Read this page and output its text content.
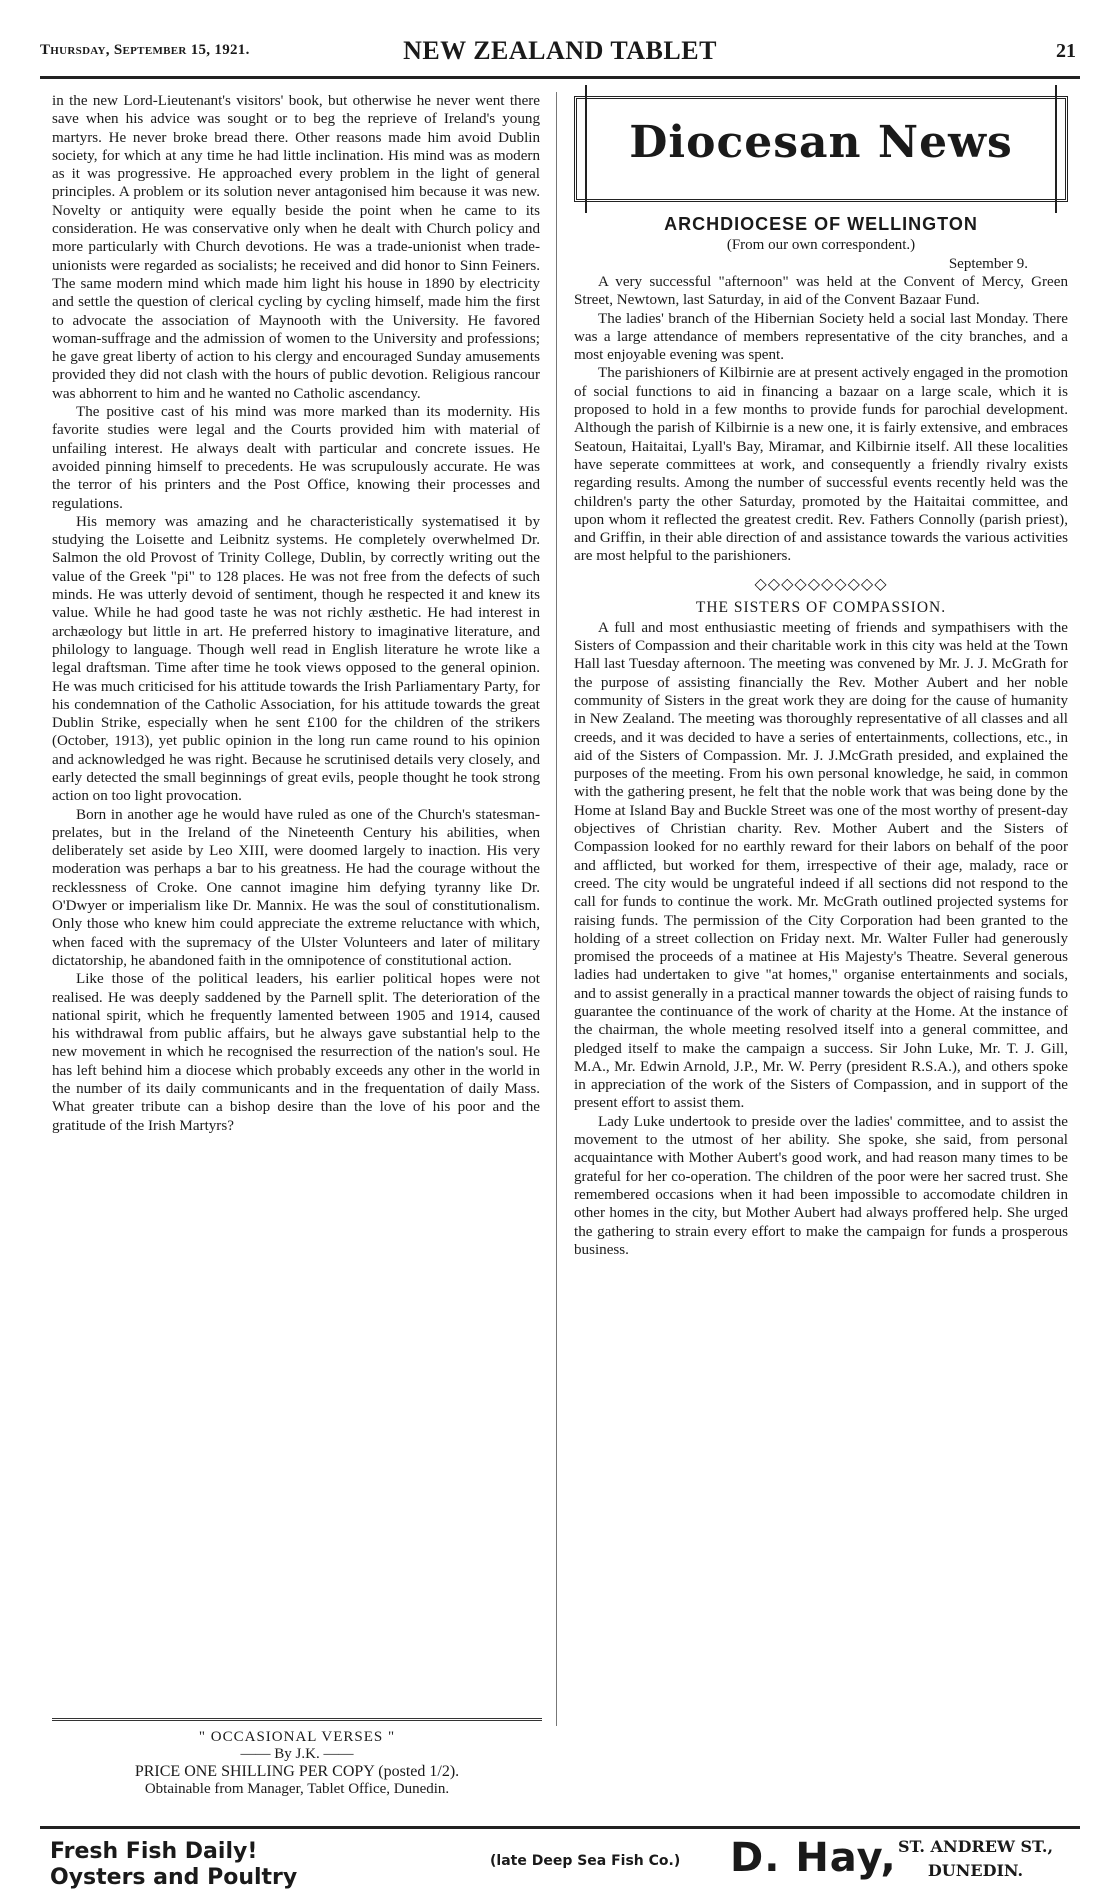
Thursday, September 15, 1921.	NEW ZEALAND TABLET	21

in the new Lord-Lieutenant's visitors' book, but otherwise he never went there save when his advice was sought or to beg the reprieve of Ireland's young martyrs. He never broke bread there. Other reasons made him avoid Dublin society, for which at any time he had little inclination. His mind was as modern as it was progressive. He approached every problem in the light of general principles. A problem or its solution never antagonised him because it was new. Novelty or antiquity were equally beside the point when he came to its consideration. He was conservative only when he dealt with Church policy and more particularly with Church devotions. He was a trade-unionist when trade-unionists were regarded as socialists; he received and did honor to Sinn Feiners. The same modern mind which made him light his house in 1890 by electricity and settle the question of clerical cycling by cycling himself, made him the first to advocate the association of Maynooth with the University. He favored woman-suffrage and the admission of women to the University and professions; he gave great liberty of action to his clergy and encouraged Sunday amusements provided they did not clash with the hours of public devotion. Religious rancour was abhorrent to him and he wanted no Catholic ascendancy.

The positive cast of his mind was more marked than its modernity. His favorite studies were legal and the Courts provided him with material of unfailing interest. He always dealt with particular and concrete issues. He avoided pinning himself to precedents. He was scrupulously accurate. He was the terror of his printers and the Post Office, knowing their processes and regulations.

His memory was amazing and he characteristically systematised it by studying the Loisette and Leibnitz systems. He completely overwhelmed Dr. Salmon the old Provost of Trinity College, Dublin, by correctly writing out the value of the Greek "pi" to 128 places. He was not free from the defects of such minds. He was utterly devoid of sentiment, though he respected it and knew its value. While he had good taste he was not richly æsthetic. He had interest in archæology but little in art. He preferred history to imaginative literature, and philology to language. Though well read in English literature he wrote like a legal draftsman. Time after time he took views opposed to the general opinion. He was much criticised for his attitude towards the Irish Parliamentary Party, for his condemnation of the Catholic Association, for his attitude towards the great Dublin Strike, especially when he sent £100 for the children of the strikers (October, 1913), yet public opinion in the long run came round to his opinion and acknowledged he was right. Because he scrutinised details very closely, and early detected the small beginnings of great evils, people thought he took strong action on too light provocation.

Born in another age he would have ruled as one of the Church's statesman-prelates, but in the Ireland of the Nineteenth Century his abilities, when deliberately set aside by Leo XIII, were doomed largely to inaction. His very moderation was perhaps a bar to his greatness. He had the courage without the recklessness of Croke. One cannot imagine him defying tyranny like Dr. O'Dwyer or imperialism like Dr. Mannix. He was the soul of constitutionalism. Only those who knew him could appreciate the extreme reluctance with which, when faced with the supremacy of the Ulster Volunteers and later of military dictatorship, he abandoned faith in the omnipotence of constitutional action.

Like those of the political leaders, his earlier political hopes were not realised. He was deeply saddened by the Parnell split. The deterioration of the national spirit, which he frequently lamented between 1905 and 1914, caused his withdrawal from public affairs, but he always gave substantial help to the new movement in which he recognised the resurrection of the nation's soul. He has left behind him a diocese which probably exceeds any other in the world in the number of its daily communicants and in the frequentation of daily Mass. What greater tribute can a bishop desire than the love of his poor and the gratitude of the Irish Martyrs?

" OCCASIONAL VERSES "
—— By J.K. ——
PRICE ONE SHILLING PER COPY (posted 1/2).
Obtainable from Manager, Tablet Office, Dunedin.
Diocesan News
ARCHDIOCESE OF WELLINGTON
(From our own correspondent.)
September 9.

A very successful "afternoon" was held at the Convent of Mercy, Green Street, Newtown, last Saturday, in aid of the Convent Bazaar Fund.

The ladies' branch of the Hibernian Society held a social last Monday. There was a large attendance of members representative of the city branches, and a most enjoyable evening was spent.

The parishioners of Kilbirnie are at present actively engaged in the promotion of social functions to aid in financing a bazaar on a large scale, which it is proposed to hold in a few months to provide funds for parochial development. Although the parish of Kilbirnie is a new one, it is fairly extensive, and embraces Seatoun, Haitaitai, Lyall's Bay, Miramar, and Kilbirnie itself. All these localities have seperate committees at work, and consequently a friendly rivalry exists regarding results. Among the number of successful events recently held was the children's party the other Saturday, promoted by the Haitaitai committee, and upon whom it reflected the greatest credit. Rev. Fathers Connolly (parish priest), and Griffin, in their able direction of and assistance towards the various activities are most helpful to the parishioners.

◇◇◇◇◇◇◇◇◇◇
THE SISTERS OF COMPASSION.

A full and most enthusiastic meeting of friends and sympathisers with the Sisters of Compassion and their charitable work in this city was held at the Town Hall last Tuesday afternoon. The meeting was convened by Mr. J. J. McGrath for the purpose of assisting financially the Rev. Mother Aubert and her noble community of Sisters in the great work they are doing for the cause of humanity in New Zealand. The meeting was thoroughly representative of all classes and all creeds, and it was decided to have a series of entertainments, collections, etc., in aid of the Sisters of Compassion. Mr. J. J.McGrath presided, and explained the purposes of the meeting. From his own personal knowledge, he said, in common with the gathering present, he felt that the noble work that was being done by the Home at Island Bay and Buckle Street was one of the most worthy of present-day objectives of Christian charity. Rev. Mother Aubert and the Sisters of Compassion looked for no earthly reward for their labors on behalf of the poor and afflicted, but worked for them, irrespective of their age, malady, race or creed. The city would be ungrateful indeed if all sections did not respond to the call for funds to continue the work. Mr. McGrath outlined projected systems for raising funds. The permission of the City Corporation had been granted to the holding of a street collection on Friday next. Mr. Walter Fuller had generously promised the proceeds of a matinee at His Majesty's Theatre. Several generous ladies had undertaken to give "at homes," organise entertainments and socials, and to assist generally in a practical manner towards the object of raising funds to guarantee the continuance of the work of charity at the Home. At the instance of the chairman, the whole meeting resolved itself into a general committee, and pledged itself to make the campaign a success. Sir John Luke, Mr. T. J. Gill, M.A., Mr. Edwin Arnold, J.P., Mr. W. Perry (president R.S.A.), and others spoke in appreciation of the work of the Sisters of Compassion, and in support of the present effort to assist them.

Lady Luke undertook to preside over the ladies' committee, and to assist the movement to the utmost of her ability. She spoke, she said, from personal acquaintance with Mother Aubert's good work, and had reason many times to be grateful for her co-operation. The children of the poor were her sacred trust. She remembered occasions when it had been impossible to accomodate children in other homes in the city, but Mother Aubert had always proffered help. She urged the gathering to strain every effort to make the campaign for funds a prosperous business.

Fresh Fish Daily!
Oysters and Poultry
(late Deep Sea Fish Co.) D. Hay, ST. ANDREW ST.,
DUNEDIN.
